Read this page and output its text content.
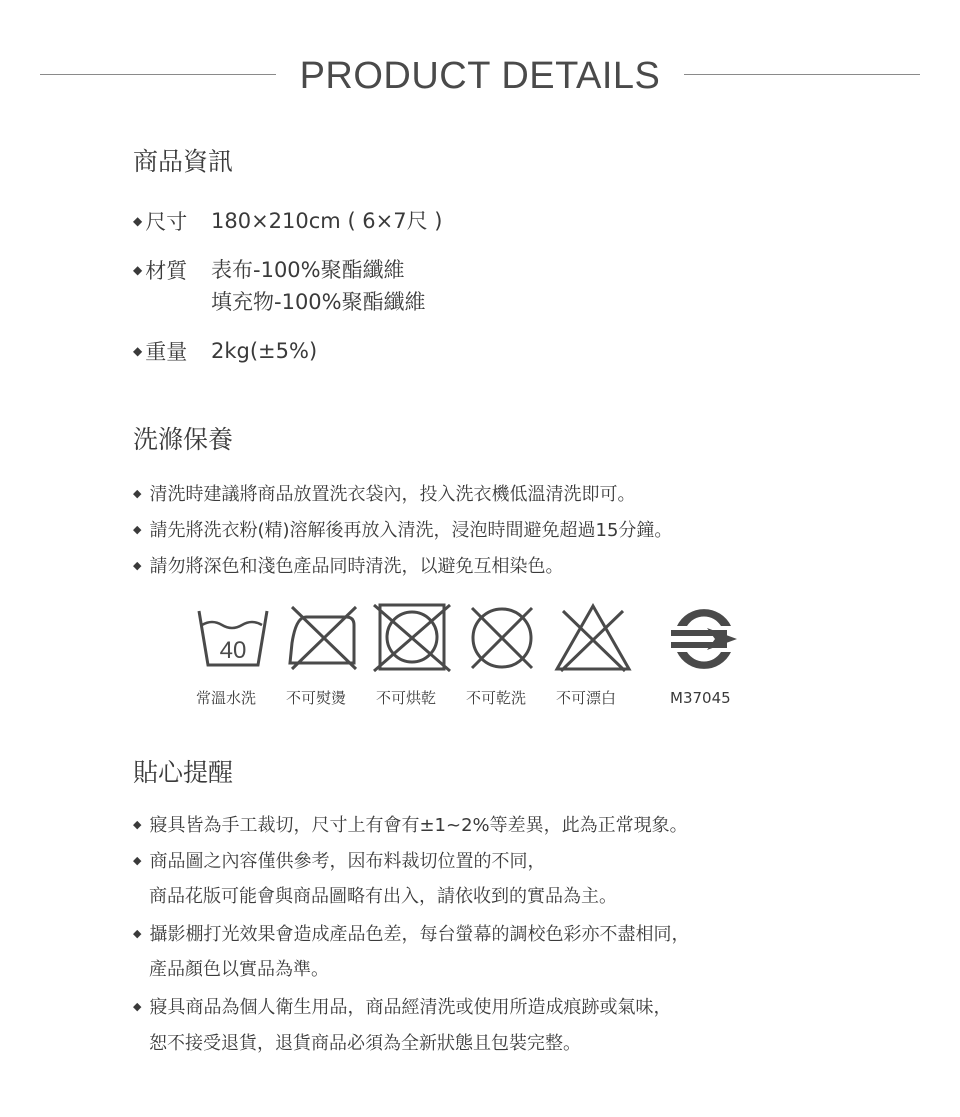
PRODUCT DETAILS
商品資訊
◆ 尺寸 180×210cm ( 6×7尺 )
◆ 材質 表布-100%聚酯纖維
填充物-100%聚酯纖維
◆ 重量 2kg(±5%)
洗滌保養
◆ 清洗時建議將商品放置洗衣袋內，投入洗衣機低溫清洗即可。
◆ 請先將洗衣粉(精)溶解後再放入清洗，浸泡時間避免超過15分鐘。
◆ 請勿將深色和淺色產品同時清洗，以避免互相染色。
40
常溫水洗 不可熨燙 不可烘乾 不可乾洗 不可漂白	M37045
貼心提醒
◆ 寢具皆為手工裁切，尺寸上有會有±1~2%等差異，此為正常現象。
◆ 商品圖之內容僅供參考，因布料裁切位置的不同，
商品花版可能會與商品圖略有出入，請依收到的實品為主。
◆ 攝影棚打光效果會造成產品色差，每台螢幕的調校色彩亦不盡相同，
產品顏色以實品為準。
◆ 寢具商品為個人衛生用品，商品經清洗或使用所造成痕跡或氣味，
恕不接受退貨，退貨商品必須為全新狀態且包裝完整。
